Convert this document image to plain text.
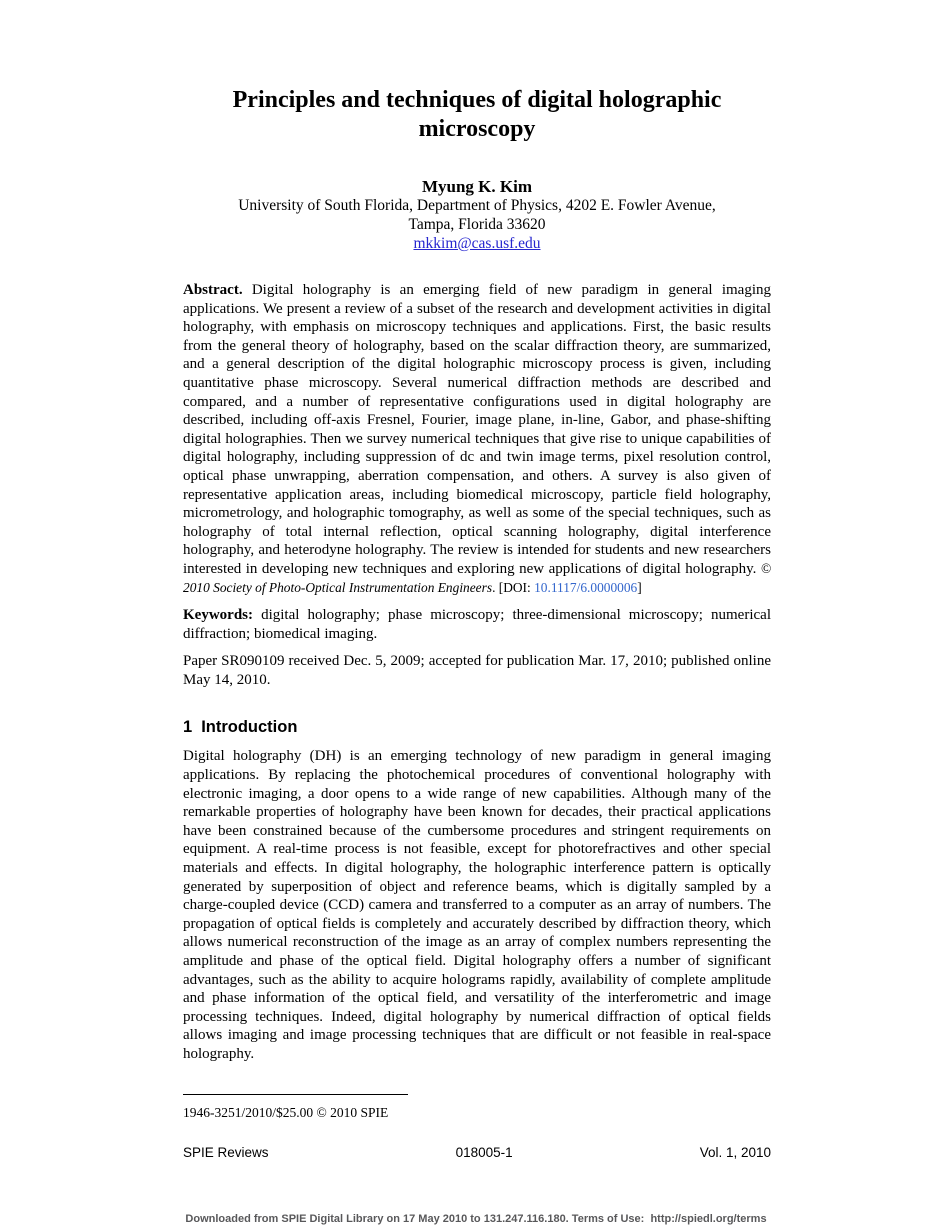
Principles and techniques of digital holographic microscopy
Myung K. Kim
University of South Florida, Department of Physics, 4202 E. Fowler Avenue,
Tampa, Florida 33620
mkkim@cas.usf.edu

Abstract. Digital holography is an emerging field of new paradigm in general imaging applications. We present a review of a subset of the research and development activities in digital holography, with emphasis on microscopy techniques and applications. First, the basic results from the general theory of holography, based on the scalar diffraction theory, are summarized, and a general description of the digital holographic microscopy process is given, including quantitative phase microscopy. Several numerical diffraction methods are described and compared, and a number of representative configurations used in digital holography are described, including off-axis Fresnel, Fourier, image plane, in-line, Gabor, and phase-shifting digital holographies. Then we survey numerical techniques that give rise to unique capabilities of digital holography, including suppression of dc and twin image terms, pixel resolution control, optical phase unwrapping, aberration compensation, and others. A survey is also given of representative application areas, including biomedical microscopy, particle field holography, micrometrology, and holographic tomography, as well as some of the special techniques, such as holography of total internal reflection, optical scanning holography, digital interference holography, and heterodyne holography. The review is intended for students and new researchers interested in developing new techniques and exploring new applications of digital holography. © 2010 Society of Photo-Optical Instrumentation Engineers. [DOI: 10.1117/6.0000006]

Keywords: digital holography; phase microscopy; three-dimensional microscopy; numerical diffraction; biomedical imaging.

Paper SR090109 received Dec. 5, 2009; accepted for publication Mar. 17, 2010; published online May 14, 2010.

1 Introduction

Digital holography (DH) is an emerging technology of new paradigm in general imaging applications. By replacing the photochemical procedures of conventional holography with electronic imaging, a door opens to a wide range of new capabilities. Although many of the remarkable properties of holography have been known for decades, their practical applications have been constrained because of the cumbersome procedures and stringent requirements on equipment. A real-time process is not feasible, except for photorefractives and other special materials and effects. In digital holography, the holographic interference pattern is optically generated by superposition of object and reference beams, which is digitally sampled by a charge-coupled device (CCD) camera and transferred to a computer as an array of numbers. The propagation of optical fields is completely and accurately described by diffraction theory, which allows numerical reconstruction of the image as an array of complex numbers representing the amplitude and phase of the optical field. Digital holography offers a number of significant advantages, such as the ability to acquire holograms rapidly, availability of complete amplitude and phase information of the optical field, and versatility of the interferometric and image processing techniques. Indeed, digital holography by numerical diffraction of optical fields allows imaging and image processing techniques that are difficult or not feasible in real-space holography.

1946-3251/2010/$25.00 © 2010 SPIE
SPIE Reviews	018005-1	Vol. 1, 2010
Downloaded from SPIE Digital Library on 17 May 2010 to 131.247.116.180. Terms of Use:  http://spiedl.org/terms
